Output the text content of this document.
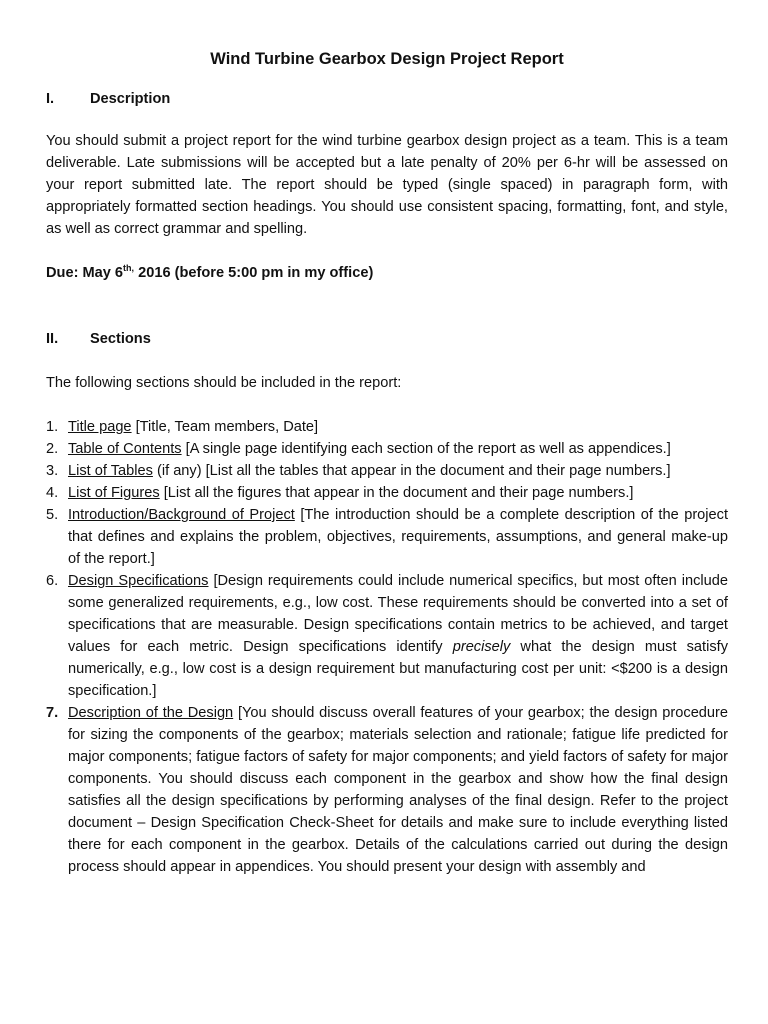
Wind Turbine Gearbox Design Project Report
I.	Description

You should submit a project report for the wind turbine gearbox design project as a team. This is a team deliverable. Late submissions will be accepted but a late penalty of 20% per 6-hr will be assessed on your report submitted late. The report should be typed (single spaced) in paragraph form, with appropriately formatted section headings. You should use consistent spacing, formatting, font, and style, as well as correct grammar and spelling.

Due: May $6^{th,}$ 2016 (before 5:00 pm in my office)

II.	Sections

The following sections should be included in the report:

1. Title page [Title, Team members, Date]
2. Table of Contents [A single page identifying each section of the report as well as appendices.]
3. List of Tables (if any) [List all the tables that appear in the document and their page numbers.]
4. List of Figures [List all the figures that appear in the document and their page numbers.]
5. Introduction/Background of Project [The introduction should be a complete description of the project that defines and explains the problem, objectives, requirements, assumptions, and general make-up of the report.]
6. Design Specifications [Design requirements could include numerical specifics, but most often include some generalized requirements, e.g., low cost. These requirements should be converted into a set of specifications that are measurable. Design specifications contain metrics to be achieved, and target values for each metric. Design specifications identify precisely what the design must satisfy numerically, e.g., low cost is a design requirement but manufacturing cost per unit: <$200 is a design specification.]
7. Description of the Design [You should discuss overall features of your gearbox; the design procedure for sizing the components of the gearbox; materials selection and rationale; fatigue life predicted for major components; fatigue factors of safety for major components; and yield factors of safety for major components. You should discuss each component in the gearbox and show how the final design satisfies all the design specifications by performing analyses of the final design. Refer to the project document – Design Specification Check-Sheet for details and make sure to include everything listed there for each component in the gearbox. Details of the calculations carried out during the design process should appear in appendices. You should present your design with assembly and
